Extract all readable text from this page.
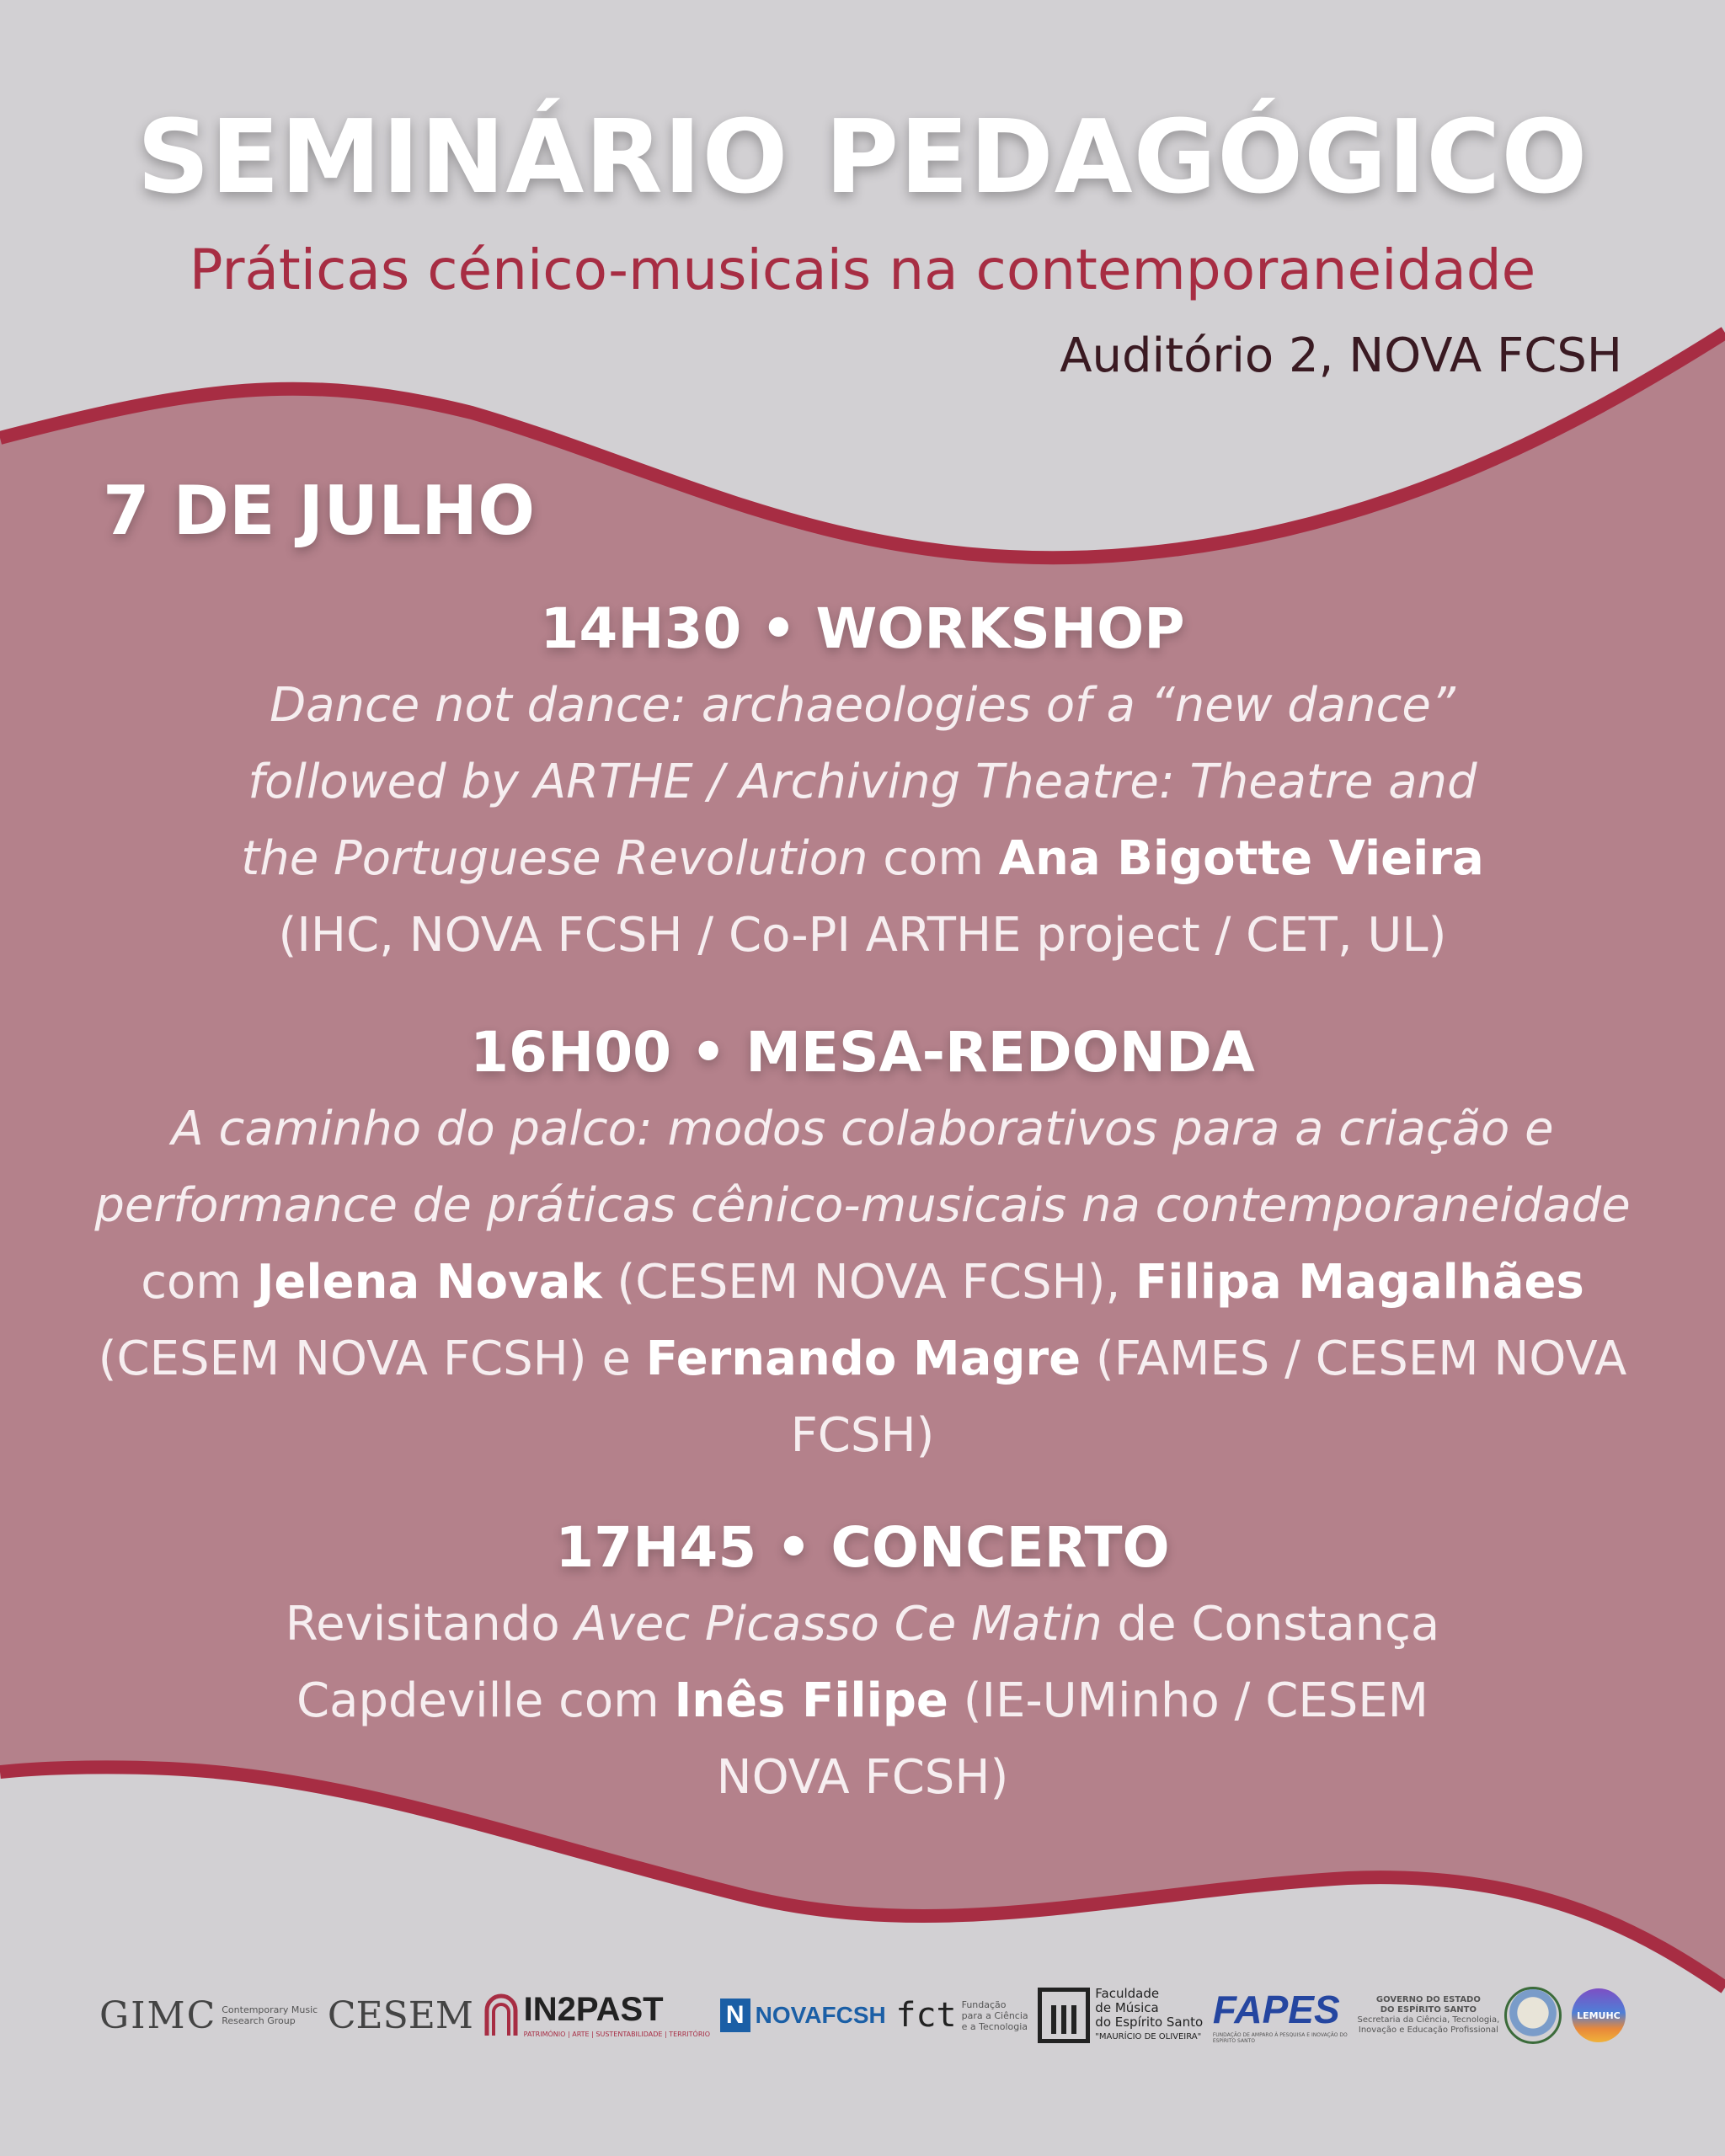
SEMINÁRIO PEDAGÓGICO
Práticas cénico-musicais na contemporaneidade
Auditório 2, NOVA FCSH
7 DE JULHO
14H30 • WORKSHOP

Dance not dance: archaeologies of a “new dance” followed by ARTHE / Archiving Theatre: Theatre and the Portuguese Revolution com Ana Bigotte Vieira (IHC, NOVA FCSH / Co-PI ARTHE project / CET, UL)

16H00 • MESA-REDONDA

A caminho do palco: modos colaborativos para a criação e performance de práticas cênico-musicais na contemporaneidade com Jelena Novak (CESEM NOVA FCSH), Filipa Magalhães (CESEM NOVA FCSH) e Fernando Magre (FAMES / CESEM NOVA FCSH)

17H45 • CONCERTO

Revisitando Avec Picasso Ce Matin de Constança Capdeville com Inês Filipe (IE-UMinho / CESEM NOVA FCSH)

GIMC Contemporary Music
Research Group CESEM IN2PAST
PATRIMÓNIO | ARTE | SUSTENTABILIDADE | TERRITÓRIO
N NOVAFCSH fct Fundação
para a Ciência
e a Tecnologia
Faculdade
de Música
do Espírito Santo
"MAURÍCIO DE OLIVEIRA"
FAPES
FUNDAÇÃO DE AMPARO À PESQUISA E INOVAÇÃO DO ESPÍRITO SANTO
GOVERNO DO ESTADO
DO ESPÍRITO SANTO
Secretaria da Ciência, Tecnologia,
Inovação e Educação Profissional
LEMUHC
